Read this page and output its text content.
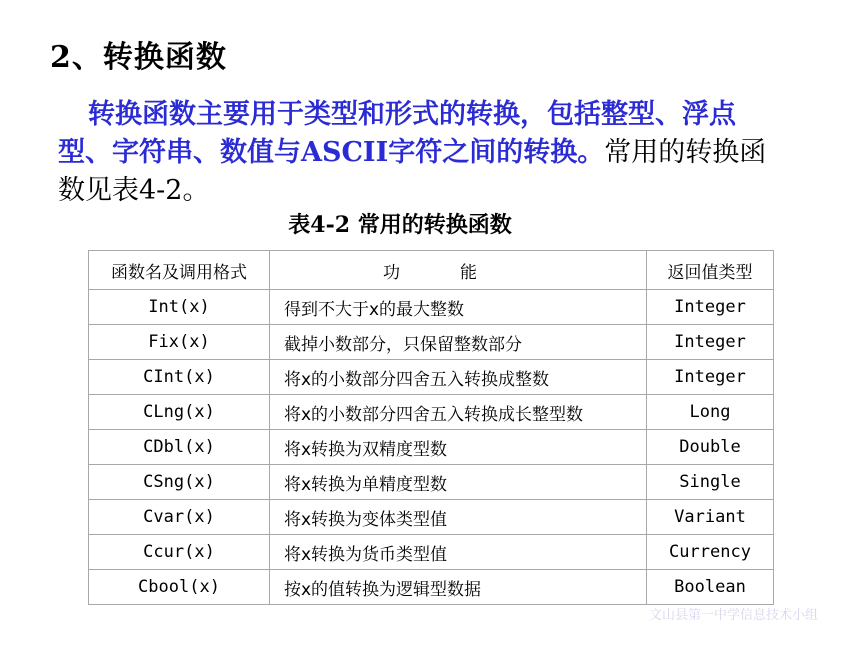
2、转换函数
转换函数主要用于类型和形式的转换，包括整型、浮点型、字符串、数值与ASCII字符之间的转换。常用的转换函数见表4-2。
表4-2 常用的转换函数
函数名及调用格式	功能	返回值类型
Int(x)	得到不大于x的最大整数	Integer
Fix(x)	截掉小数部分，只保留整数部分	Integer
CInt(x)	将x的小数部分四舍五入转换成整数	Integer
CLng(x)	将x的小数部分四舍五入转换成长整型数	Long
CDbl(x)	将x转换为双精度型数	Double
CSng(x)	将x转换为单精度型数	Single
Cvar(x)	将x转换为变体类型值	Variant
Ccur(x)	将x转换为货币类型值	Currency
Cbool(x)	按x的值转换为逻辑型数据	Boolean
文山县第一中学信息技术小组
